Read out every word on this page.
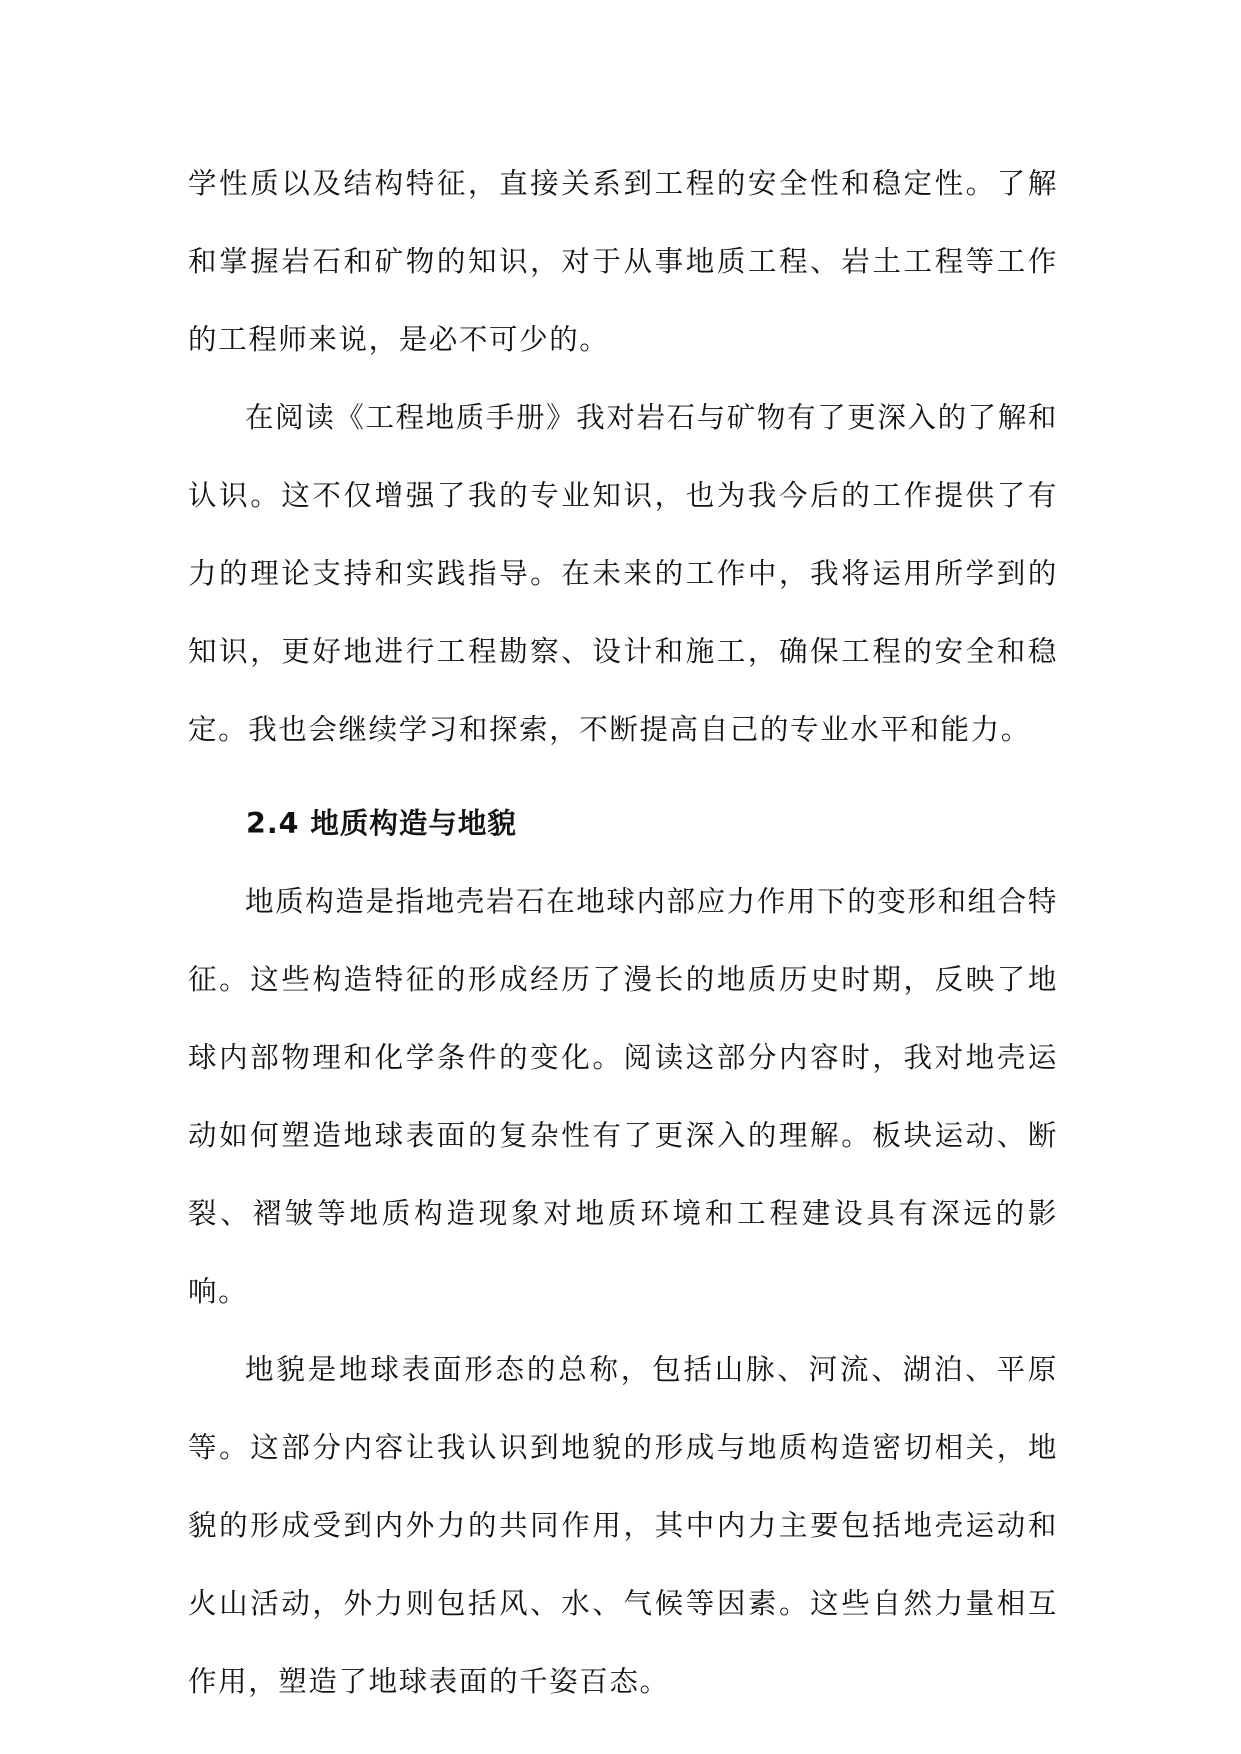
学性质以及结构特征，直接关系到工程的安全性和稳定性。了解和掌握岩石和矿物的知识，对于从事地质工程、岩土工程等工作的工程师来说，是必不可少的。

在阅读《工程地质手册》我对岩石与矿物有了更深入的了解和认识。这不仅增强了我的专业知识，也为我今后的工作提供了有力的理论支持和实践指导。在未来的工作中，我将运用所学到的知识，更好地进行工程勘察、设计和施工，确保工程的安全和稳定。我也会继续学习和探索，不断提高自己的专业水平和能力。

2.4 地质构造与地貌

地质构造是指地壳岩石在地球内部应力作用下的变形和组合特征。这些构造特征的形成经历了漫长的地质历史时期，反映了地球内部物理和化学条件的变化。阅读这部分内容时，我对地壳运动如何塑造地球表面的复杂性有了更深入的理解。板块运动、断裂、褶皱等地质构造现象对地质环境和工程建设具有深远的影响。

地貌是地球表面形态的总称，包括山脉、河流、湖泊、平原等。这部分内容让我认识到地貌的形成与地质构造密切相关，地貌的形成受到内外力的共同作用，其中内力主要包括地壳运动和火山活动，外力则包括风、水、气候等因素。这些自然力量相互作用，塑造了地球表面的千姿百态。
